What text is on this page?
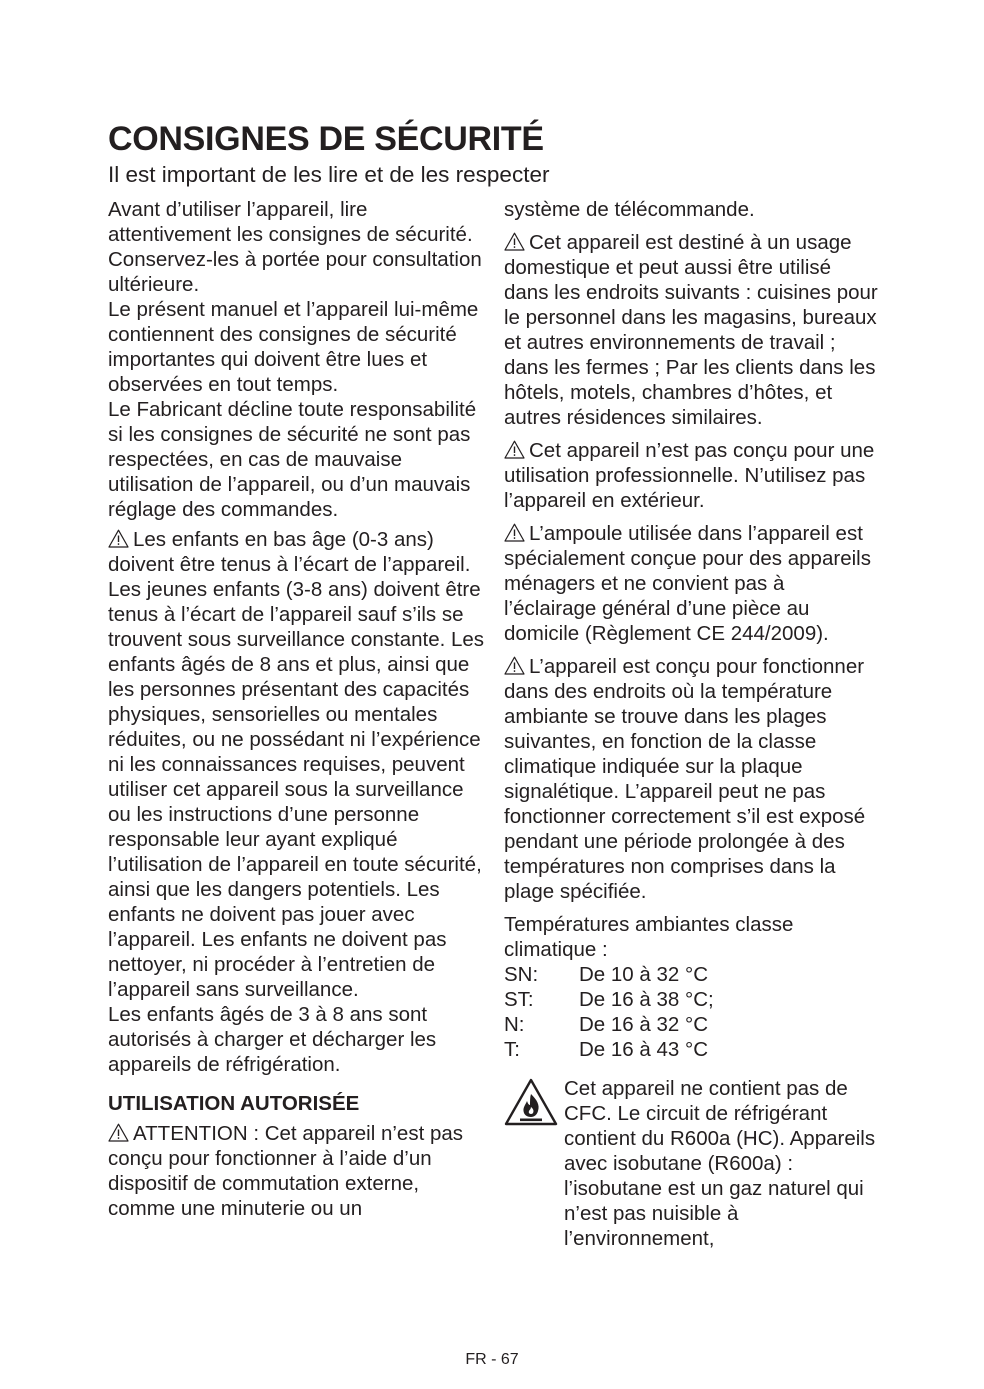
CONSIGNES DE SÉCURITÉ
Il est important de les lire et de les respecter

Avant d’utiliser l’appareil, lire attentivement les consignes de sécurité. Conservez-les à portée pour consultation ultérieure.

Le présent manuel et l’appareil lui-même contiennent des consignes de sécurité importantes qui doivent être lues et observées en tout temps.

Le Fabricant décline toute responsabilité si les consignes de sécurité ne sont pas respectées, en cas de mauvaise utilisation de l’appareil, ou d’un mauvais réglage des commandes.

Les enfants en bas âge (0-3 ans) doivent être tenus à l’écart de l’appareil. Les jeunes enfants (3-8 ans) doivent être tenus à l’écart de l’appareil sauf s’ils se trouvent sous surveillance constante. Les enfants âgés de 8 ans et plus, ainsi que les personnes présentant des capacités physiques, sensorielles ou mentales réduites, ou ne possédant ni l’expérience ni les connaissances requises, peuvent utiliser cet appareil sous la surveillance ou les instructions d’une personne responsable leur ayant expliqué l’utilisation de l’appareil en toute sécurité, ainsi que les dangers potentiels. Les enfants ne doivent pas jouer avec l’appareil. Les enfants ne doivent pas nettoyer, ni procéder à l’entretien de l’appareil sans surveillance.

Les enfants âgés de 3 à 8 ans sont autorisés à charger et décharger les appareils de réfrigération.

UTILISATION AUTORISÉE

ATTENTION : Cet appareil n’est pas conçu pour fonctionner à l’aide d’un dispositif de commutation externe, comme une minuterie ou un

système de télécommande.

Cet appareil est destiné à un usage domestique et peut aussi être utilisé dans les endroits suivants : cuisines pour le personnel dans les magasins, bureaux et autres environnements de travail ; dans les fermes ; Par les clients dans les hôtels, motels, chambres d’hôtes, et autres résidences similaires.

Cet appareil n’est pas conçu pour une utilisation professionnelle. N’utilisez pas l’appareil en extérieur.

L’ampoule utilisée dans l’appareil est spécialement conçue pour des appareils ménagers et ne convient pas à l’éclairage général d’une pièce au domicile (Règlement CE 244/2009).

L’appareil est conçu pour fonctionner dans des endroits où la température ambiante se trouve dans les plages suivantes, en fonction de la classe climatique indiquée sur la plaque signalétique. L’appareil peut ne pas fonctionner correctement s’il est exposé pendant une période prolongée à des températures non comprises dans la plage spécifiée.

Températures ambiantes classe climatique :

SN:	De 10 à 32 °C
ST:	De 16 à 38 °C;
N:	De 16 à 32 °C
T:	De 16 à 43 °C
Cet appareil ne contient pas de CFC. Le circuit de réfrigérant contient du R600a (HC). Appareils avec isobutane (R600a) : l’isobutane est un gaz naturel qui n’est pas nuisible à l’environnement,
FR - 67
